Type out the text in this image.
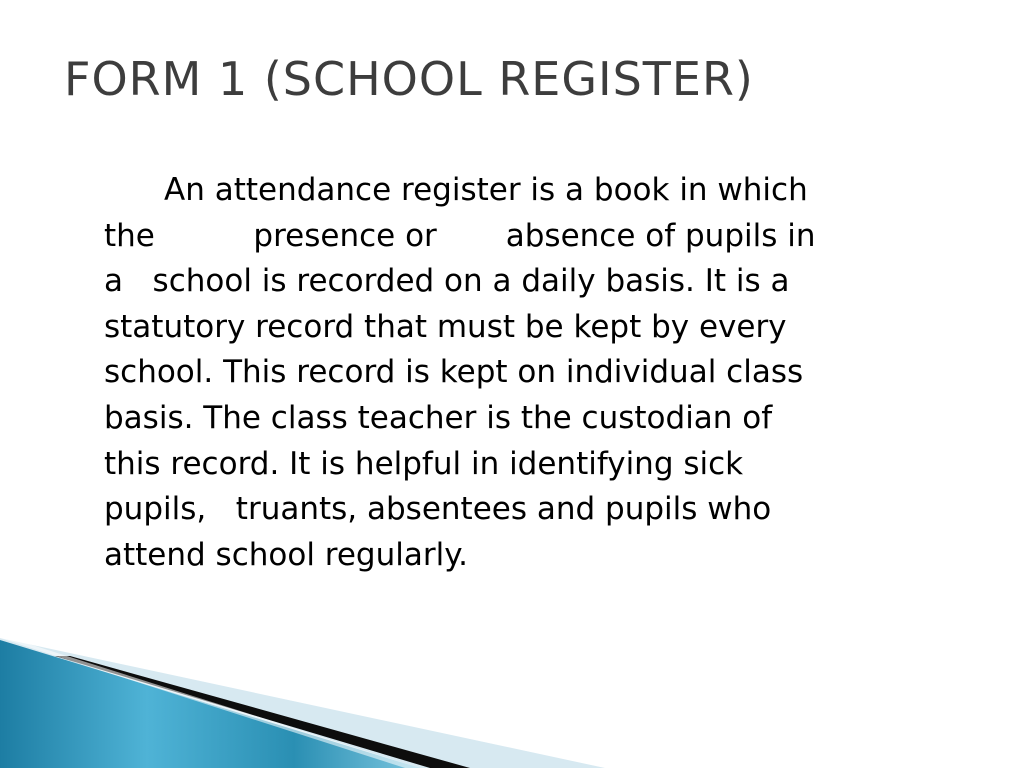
FORM 1 (SCHOOL REGISTER)
An attendance register is a book in which
the          presence or       absence of pupils in
a   school is recorded on a daily basis. It is a
statutory record that must be kept by every
school. This record is kept on individual class
basis. The class teacher is the custodian of
this record. It is helpful in identifying sick
pupils,   truants, absentees and pupils who
attend school regularly.
